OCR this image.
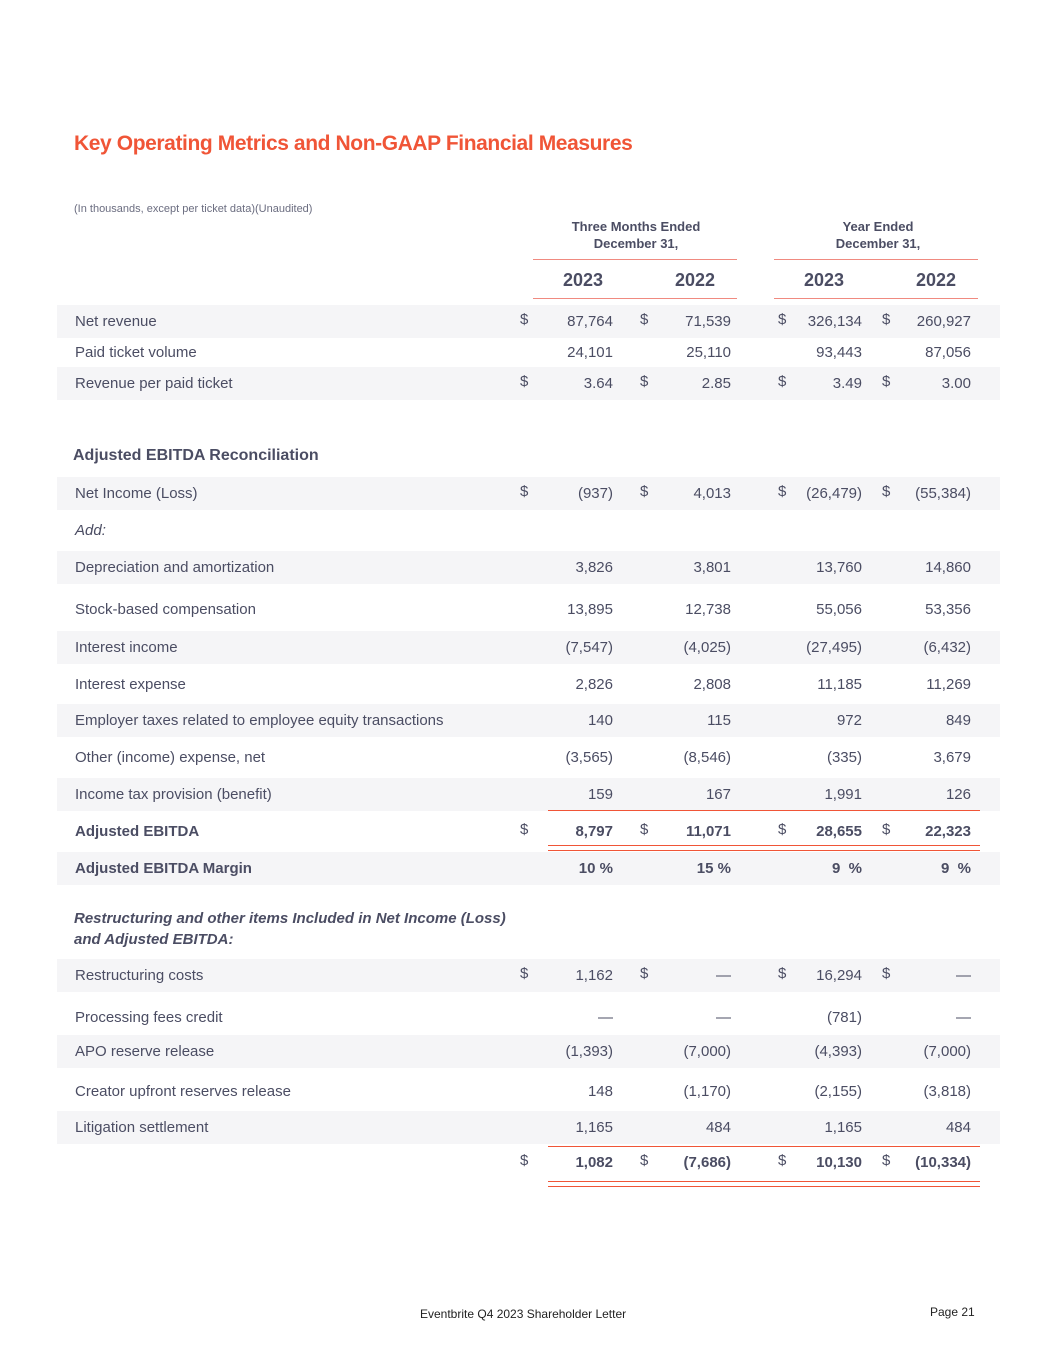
Key Operating Metrics and Non-GAAP Financial Measures
(In thousands, except per ticket data)(Unaudited)
Three Months Ended
December 31,
Year Ended
December 31,
2023	2022	2023	2022
Adjusted EBITDA Reconciliation
Restructuring and other items Included in Net Income (Loss) and Adjusted EBITDA:
Net revenue	$	87,764 $	71,539	$	326,134 $	260,927
Paid ticket volume	24,101	25,110	93,443	87,056
Revenue per paid ticket	$	3.64 $	2.85	$	3.49 $	3.00
Net Income (Loss)	$	(937) $	4,013	$	(26,479) $	(55,384)
Add:
Depreciation and amortization	3,826	3,801	13,760	14,860
Stock-based compensation	13,895	12,738	55,056	53,356
Interest income	(7,547)	(4,025)	(27,495)	(6,432)
Interest expense	2,826	2,808	11,185	11,269
Employer taxes related to employee equity transactions	140	115	972	849
Other (income) expense, net	(3,565)	(8,546)	(335)	3,679
Income tax provision (benefit)	159	167	1,991	126
Adjusted EBITDA	$	8,797 $	11,071	$	28,655 $	22,323
Adjusted EBITDA Margin	10 %	15 %	9  %	9  %
Restructuring costs	$	1,162 $	—	$	16,294 $	—
Processing fees credit	—	—	(781)	—
APO reserve release	(1,393)	(7,000)	(4,393)	(7,000)
Creator upfront reserves release	148	(1,170)	(2,155)	(3,818)
Litigation settlement	1,165	484	1,165	484
$	1,082 $	(7,686)	$	10,130 $	(10,334)
Eventbrite Q4 2023 Shareholder Letter	Page 21
